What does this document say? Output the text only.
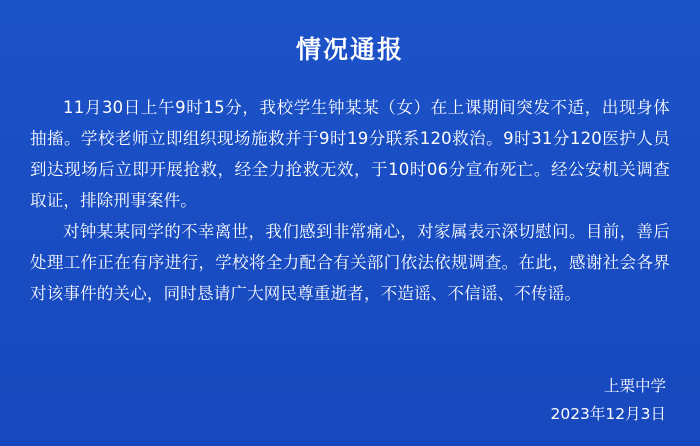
情况通报

11月30日上午9时15分，我校学生钟某某（女）在上课期间突发不适，出现身体抽搐。学校老师立即组织现场施救并于9时19分联系120救治。9时31分120医护人员到达现场后立即开展抢救，经全力抢救无效，于10时06分宣布死亡。经公安机关调查取证，排除刑事案件。

对钟某某同学的不幸离世，我们感到非常痛心，对家属表示深切慰问。目前，善后处理工作正在有序进行，学校将全力配合有关部门依法依规调查。在此，感谢社会各界对该事件的关心，同时恳请广大网民尊重逝者，不造谣、不信谣、不传谣。

上栗中学
2023年12月3日
